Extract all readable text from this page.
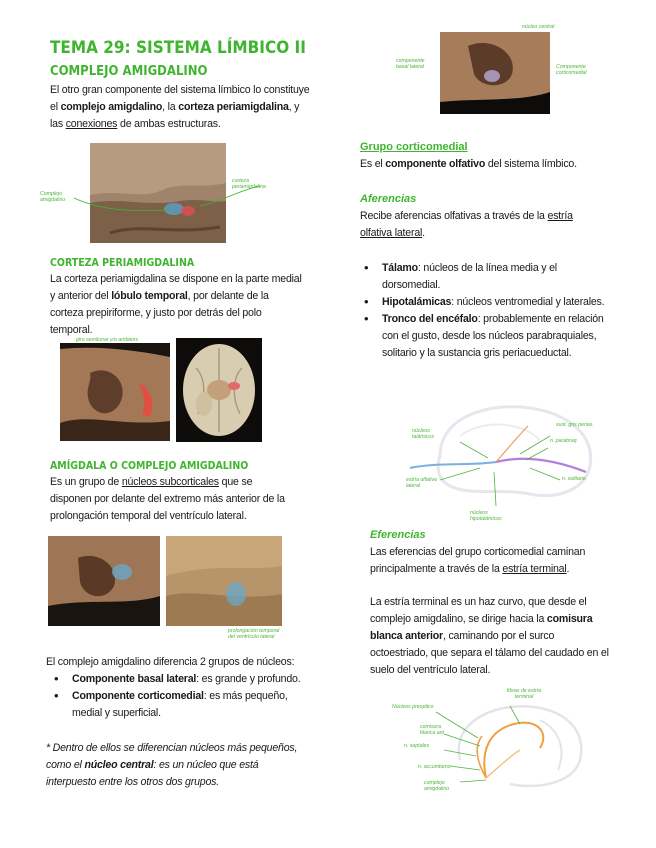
TEMA 29: SISTEMA LÍMBICO II
COMPLEJO AMIGDALINO
El otro gran componente del sistema límbico lo constituye el complejo amigdalino, la corteza periamigdalina, y las conexiones de ambas estructuras.
Complejo amigdalino
corteza periamigdalina
CORTEZA PERIAMIGDALINA
La corteza periamigdalina se dispone en la parte medial y anterior del lóbulo temporal, por delante de la corteza prepiriforme, y justo por detrás del polo temporal.
giro semilunar y/o ambiens
AMÍGDALA O COMPLEJO AMIGDALINO
Es un grupo de núcleos subcorticales que se disponen por delante del extremo más anterior de la prolongación temporal del ventrículo lateral.
prolongación temporal del ventrículo lateral
El complejo amigdalino diferencia 2 grupos de núcleos:
• Componente basal lateral: es grande y profundo.
• Componente corticomedial: es más pequeño, medial y superficial.
* Dentro de ellos se diferencian núcleos más pequeños, como el núcleo central: es un núcleo que está interpuesto entre los otros dos grupos.
núcleo central
componente basal lateral	Componente corticomedial
Grupo corticomedial
Es el componente olfativo del sistema límbico.
Aferencias
Recibe aferencias olfativas a través de la estría olfativa lateral.
• Tálamo: núcleos de la línea media y el dorsomedial.
• Hipotalámicas: núcleos ventromedial y laterales.
• Tronco del encéfalo: probablemente en relación con el gusto, desde los núcleos parabraquiales, solitario y la sustancia gris periacueductal.
núcleos talámicos
sust. gris perias.
n. parabraq.
n. solitario
estría olfativa lateral
núcleos hipotalámicos
Eferencias
Las eferencias del grupo corticomedial caminan principalmente a través de la estría terminal.
La estría terminal es un haz curvo, que desde el complejo amigdalino, se dirige hacia la comisura blanca anterior, caminando por el surco octoestriado, que separa el tálamo del caudado en el suelo del ventrículo lateral.
fibras de estría terminal
Núcleos preoptico
comisura blanca ant.
n. septales
n. accumbens
complejo amigdalino
